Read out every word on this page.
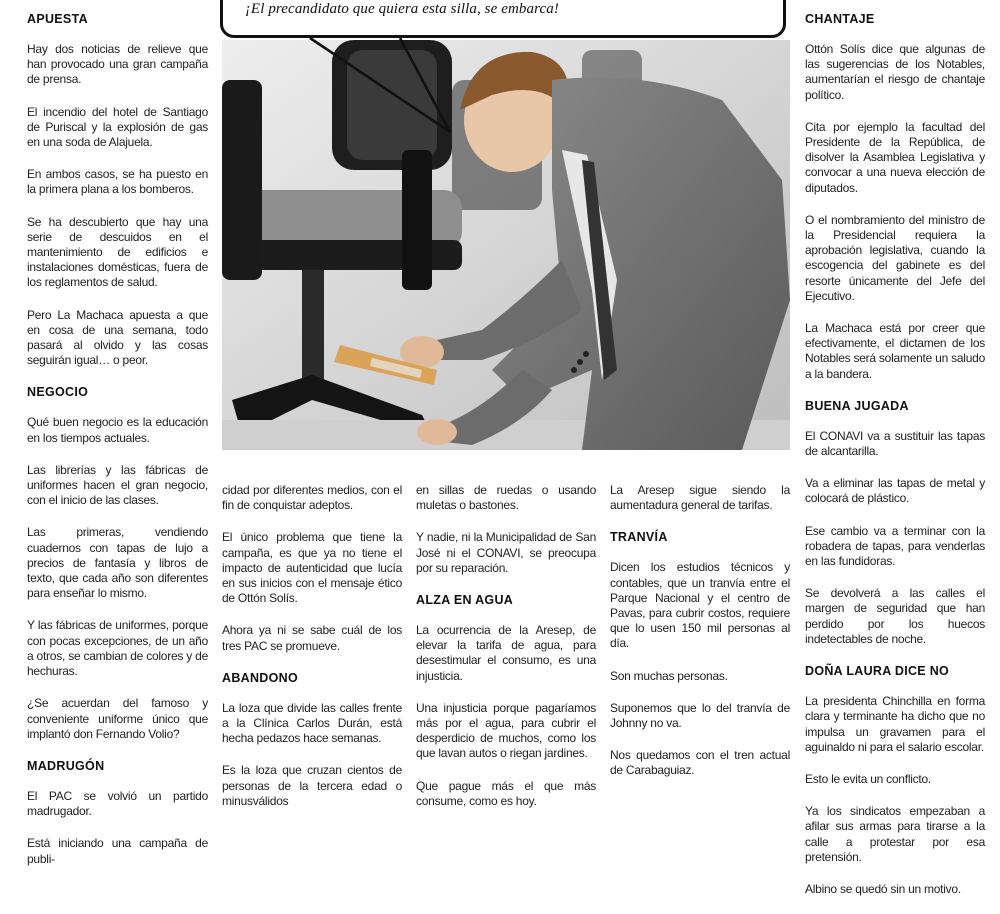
APUESTA

Hay dos noticias de relieve que han provocado una gran campaña de prensa.

El incendio del hotel de Santiago de Puriscal y la explosión de gas en una soda de Alajuela.

En ambos casos, se ha puesto en la primera plana a los bomberos.

Se ha descubierto que hay una serie de descuidos en el mantenimiento de edificios e instalaciones domésticas, fuera de los reglamentos de salud.

Pero La Machaca apuesta a que en cosa de una semana, todo pasará al olvido y las cosas seguirán igual… o peor.

NEGOCIO

Qué buen negocio es la educación en los tiempos actuales.

Las librerías y las fábricas de uniformes hacen el gran negocio, con el inicio de las clases.

Las primeras, vendiendo cuadernos con tapas de lujo a precios de fantasía y libros de texto, que cada año son diferentes para enseñar lo mismo.

Y las fábricas de uniformes, porque con pocas excepciones, de un año a otros, se cambian de colores y de hechuras.

¿Se acuerdan del famoso y conveniente uniforme único que implantó don Fernando Volio?

MADRUGÓN

El PAC se volvió un partido madrugador.

Está iniciando una campaña de publi-

¡El precandidato que quiera esta silla, se embarca!

cidad por diferentes medios, con el fin de conquistar adeptos.

El único problema que tiene la campaña, es que ya no tiene el impacto de autenticidad que lucía en sus inicios con el mensaje ético de Ottón Solís.

Ahora ya ni se sabe cuál de los tres PAC se promueve.

ABANDONO

La loza que divide las calles frente a la Clínica Carlos Durán, está hecha pedazos hace semanas.

Es la loza que cruzan cientos de personas de la tercera edad o minusválidos

en sillas de ruedas o usando muletas o bastones.

Y nadie, ni la Municipalidad de San José ni el CONAVI, se preocupa por su reparación.

ALZA EN AGUA

La ocurrencia de la Aresep, de elevar la tarifa de agua, para desestimular el consumo, es una injusticia.

Una injusticia porque pagaríamos más por el agua, para cubrir el desperdicio de muchos, como los que lavan autos o riegan jardines.

Que pague más el que más consume, como es hoy.

La Aresep sigue siendo la aumentadura general de tarifas.

TRANVÍA

Dicen los estudios técnicos y contables, que un tranvía entre el Parque Nacional y el centro de Pavas, para cubrir costos, requiere que lo usen 150 mil personas al día.

Son muchas personas.

Suponemos que lo del tranvía de Johnny no va.

Nos quedamos con el tren actual de Carabaguiaz.

CHANTAJE

Ottón Solís dice que algunas de las sugerencias de los Notables, aumentarían el riesgo de chantaje político.

Cita por ejemplo la facultad del Presidente de la República, de disolver la Asamblea Legislativa y convocar a una nueva elección de diputados.

O el nombramiento del ministro de la Presidencial requiera la aprobación legislativa, cuando la escogencia del gabinete es del resorte únicamente del Jefe del Ejecutivo.

La Machaca está por creer que efectivamente, el dictamen de los Notables será solamente un saludo a la bandera.

BUENA JUGADA

El CONAVI va a sustituir las tapas de alcantarilla.

Va a eliminar las tapas de metal y colocará de plástico.

Ese cambio va a terminar con la robadera de tapas, para venderlas en las fundidoras.

Se devolverá a las calles el margen de seguridad que han perdido por los huecos indetectables de noche.

DOÑA LAURA DICE NO

La presidenta Chinchilla en forma clara y terminante ha dicho que no impulsa un gravamen para el aguinaldo ni para el salario escolar.

Esto le evita un conflicto.

Ya los sindicatos empezaban a afilar sus armas para tirarse a la calle a protestar por esa pretensión.

Albino se quedó sin un motivo.
